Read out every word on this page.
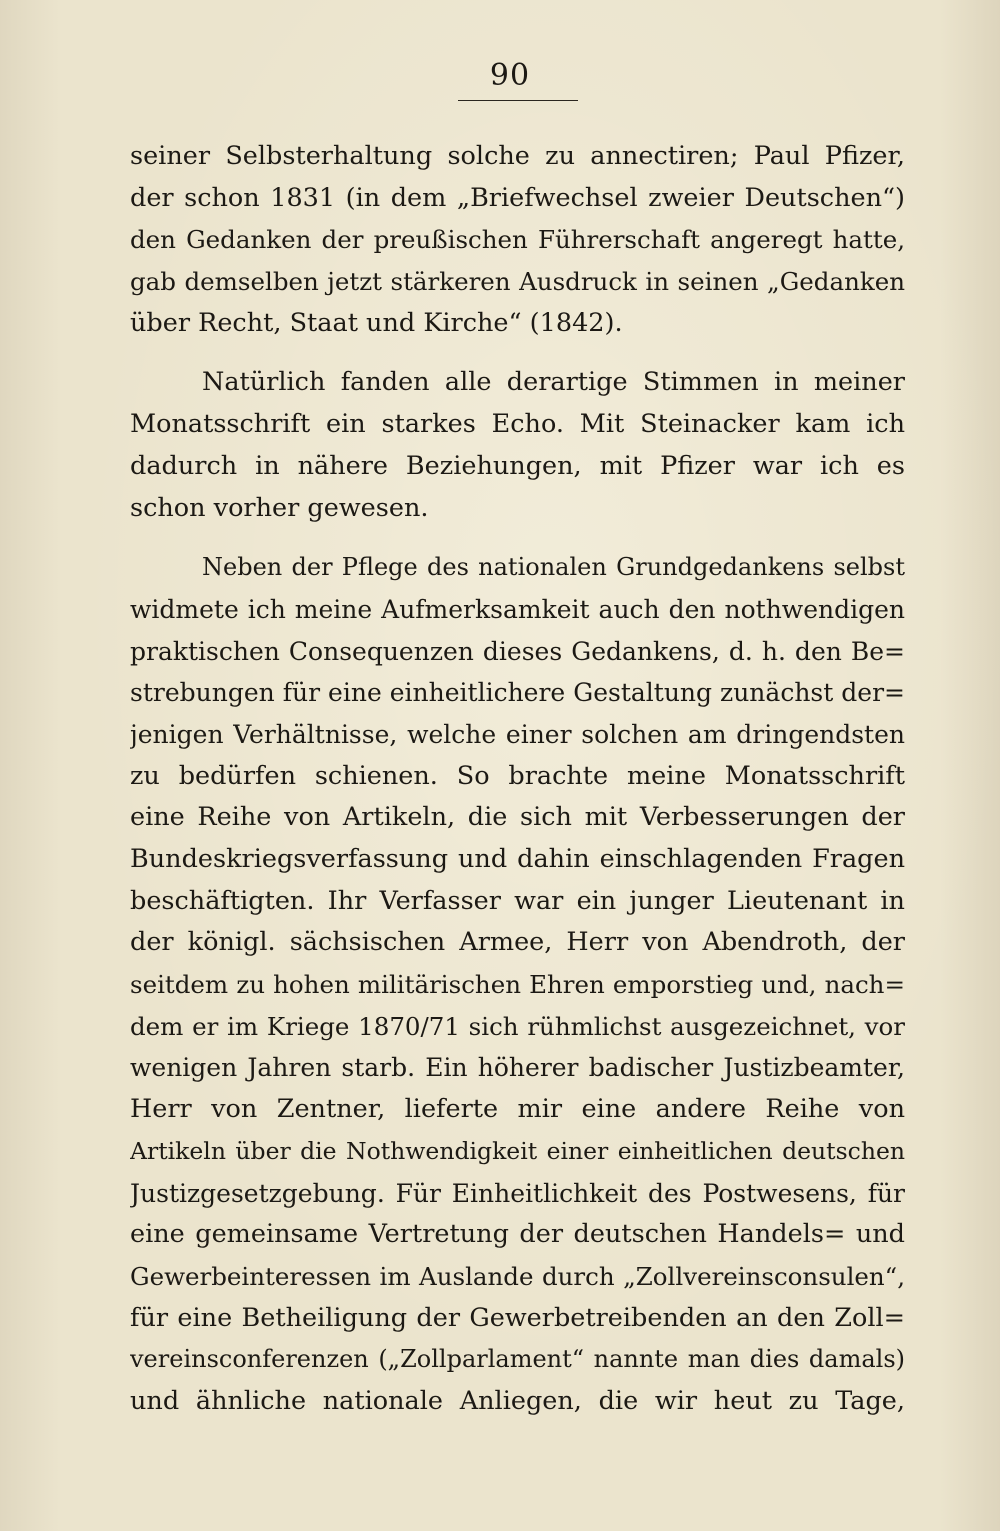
90
seiner Selbsterhaltung solche zu annectiren; Paul Pfizer,
der schon 1831 (in dem „Briefwechsel zweier Deutschen“)
den Gedanken der preußischen Führerschaft angeregt hatte,
gab demselben jetzt stärkeren Ausdruck in seinen „Gedanken
über Recht, Staat und Kirche“ (1842).
Natürlich fanden alle derartige Stimmen in meiner
Monatsschrift ein starkes Echo. Mit Steinacker kam ich
dadurch in nähere Beziehungen, mit Pfizer war ich es
schon vorher gewesen.
Neben der Pflege des nationalen Grundgedankens selbst
widmete ich meine Aufmerksamkeit auch den nothwendigen
praktischen Consequenzen dieses Gedankens, d. h. den Be=
strebungen für eine einheitlichere Gestaltung zunächst der=
jenigen Verhältnisse, welche einer solchen am dringendsten
zu bedürfen schienen. So brachte meine Monatsschrift
eine Reihe von Artikeln, die sich mit Verbesserungen der
Bundeskriegsverfassung und dahin einschlagenden Fragen
beschäftigten. Ihr Verfasser war ein junger Lieutenant in
der königl. sächsischen Armee, Herr von Abendroth, der
seitdem zu hohen militärischen Ehren emporstieg und, nach=
dem er im Kriege 1870/71 sich rühmlichst ausgezeichnet, vor
wenigen Jahren starb. Ein höherer badischer Justizbeamter,
Herr von Zentner, lieferte mir eine andere Reihe von
Artikeln über die Nothwendigkeit einer einheitlichen deutschen
Justizgesetzgebung. Für Einheitlichkeit des Postwesens, für
eine gemeinsame Vertretung der deutschen Handels= und
Gewerbeinteressen im Auslande durch „Zollvereinsconsulen“,
für eine Betheiligung der Gewerbetreibenden an den Zoll=
vereinsconferenzen („Zollparlament“ nannte man dies damals)
und ähnliche nationale Anliegen, die wir heut zu Tage,
